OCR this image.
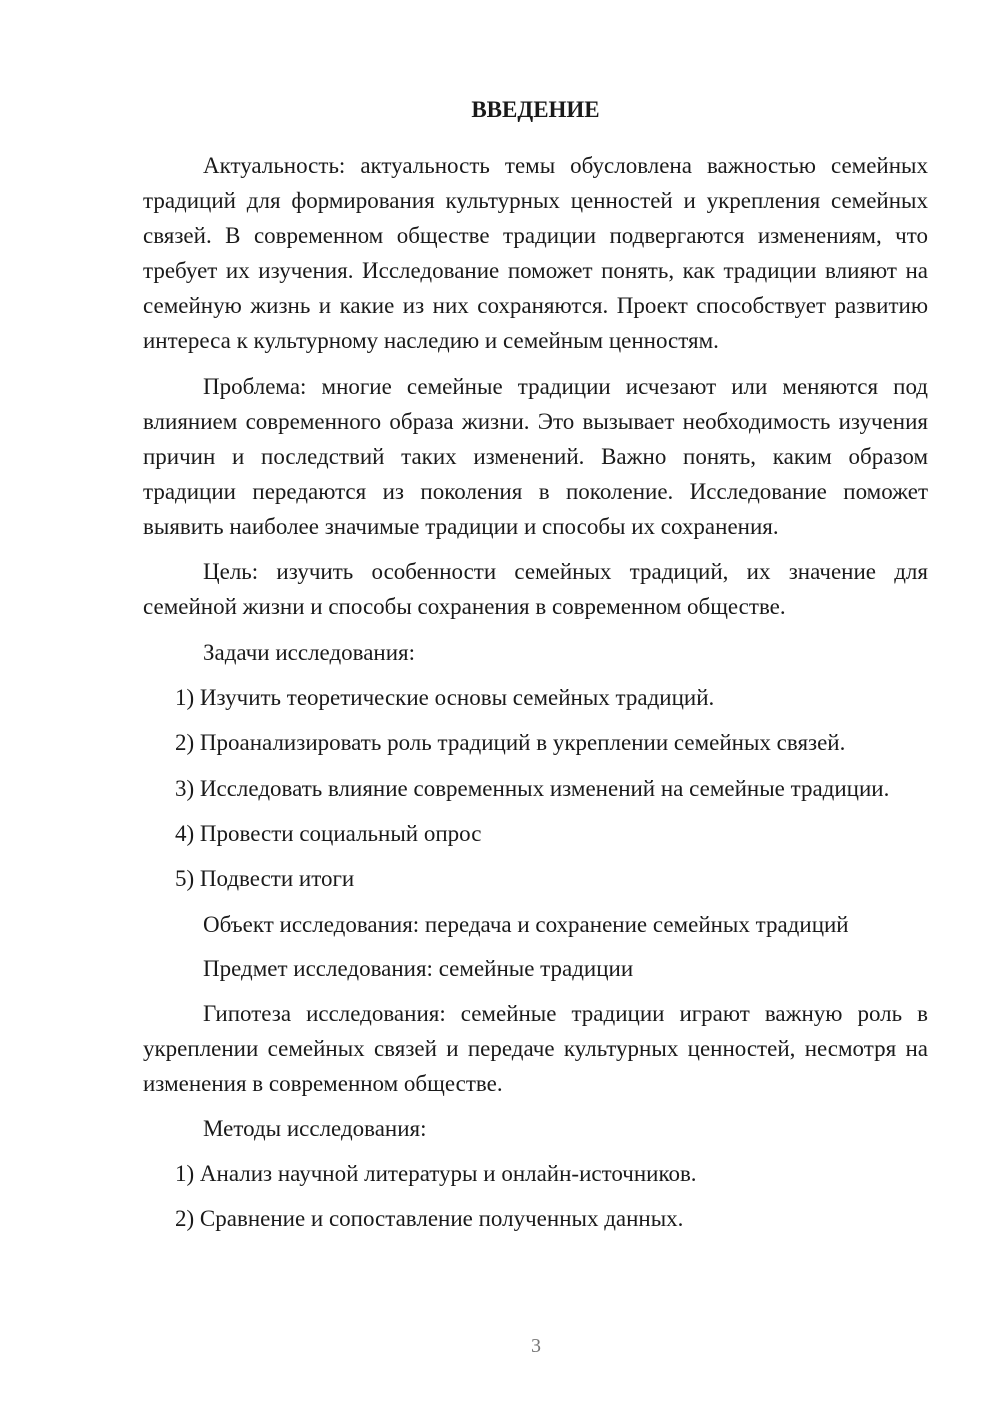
ВВЕДЕНИЕ

Актуальность: актуальность темы обусловлена важностью семейных традиций для формирования культурных ценностей и укрепления семейных связей. В современном обществе традиции подвергаются изменениям, что требует их изучения. Исследование поможет понять, как традиции влияют на семейную жизнь и какие из них сохраняются. Проект способствует развитию интереса к культурному наследию и семейным ценностям.

Проблема: многие семейные традиции исчезают или меняются под влиянием современного образа жизни. Это вызывает необходимость изучения причин и последствий таких изменений. Важно понять, каким образом традиции передаются из поколения в поколение. Исследование поможет выявить наиболее значимые традиции и способы их сохранения.

Цель: изучить особенности семейных традиций, их значение для семейной жизни и способы сохранения в современном обществе.

Задачи исследования:

1) Изучить теоретические основы семейных традиций.

2) Проанализировать роль традиций в укреплении семейных связей.

3) Исследовать влияние современных изменений на семейные традиции.

4) Провести социальный опрос

5) Подвести итоги

Объект исследования: передача и сохранение семейных традиций

Предмет исследования: семейные традиции

Гипотеза исследования: семейные традиции играют важную роль в укреплении семейных связей и передаче культурных ценностей, несмотря на изменения в современном обществе.

Методы исследования:

1) Анализ научной литературы и онлайн-источников.

2) Сравнение и сопоставление полученных данных.

3
